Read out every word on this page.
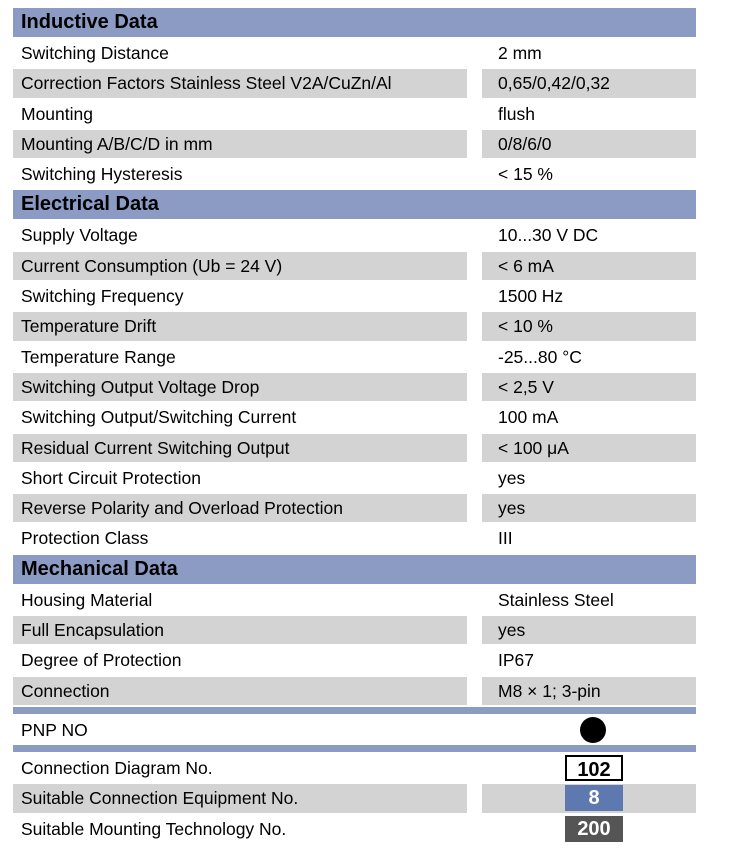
Inductive Data
Switching Distance	2 mm
Correction Factors Stainless Steel V2A/CuZn/Al	0,65/0,42/0,32
Mounting	flush
Mounting A/B/C/D in mm	0/8/6/0
Switching Hysteresis	< 15 %
Electrical Data
Supply Voltage	10...30 V DC
Current Consumption (Ub = 24 V)	< 6 mA
Switching Frequency	1500 Hz
Temperature Drift	< 10 %
Temperature Range	-25...80 °C
Switching Output Voltage Drop	< 2,5 V
Switching Output/Switching Current	100 mA
Residual Current Switching Output	< 100 μA
Short Circuit Protection	yes
Reverse Polarity and Overload Protection	yes
Protection Class	III
Mechanical Data
Housing Material	Stainless Steel
Full Encapsulation	yes
Degree of Protection	IP67
Connection	M8 × 1; 3-pin
PNP NO
Connection Diagram No.	102
Suitable Connection Equipment No.	8
Suitable Mounting Technology No.	200
